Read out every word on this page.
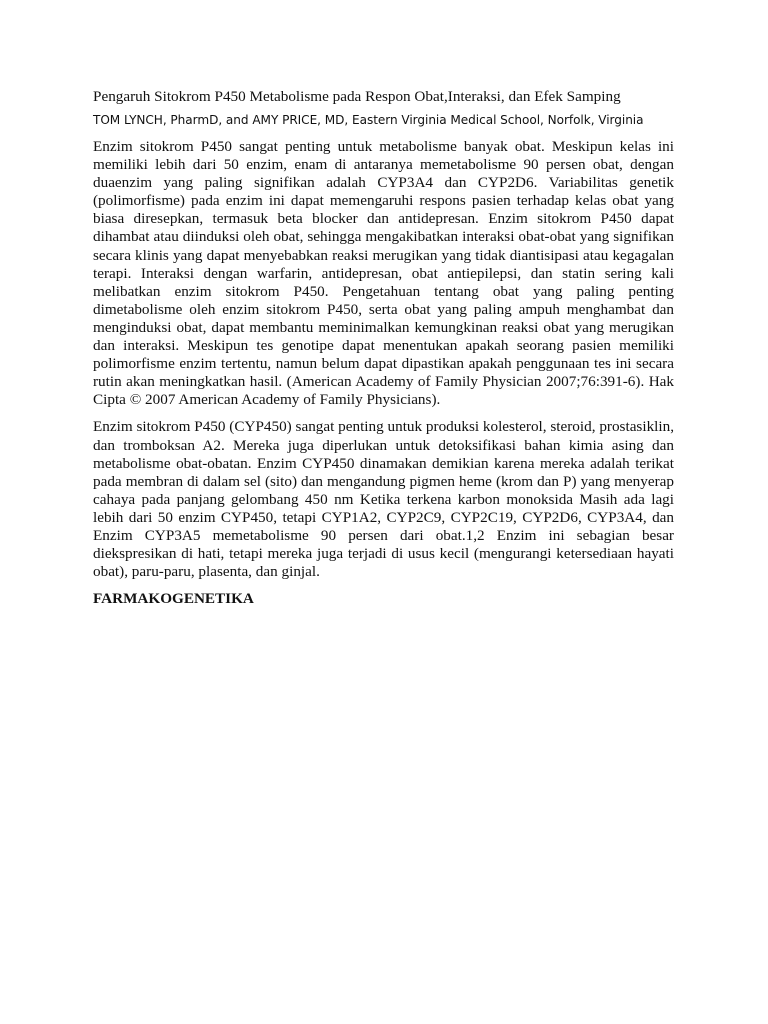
Pengaruh Sitokrom P450 Metabolisme pada Respon Obat,Interaksi, dan Efek Samping
TOM LYNCH, PharmD, and AMY PRICE, MD, Eastern Virginia Medical School, Norfolk, Virginia

Enzim sitokrom P450 sangat penting untuk metabolisme banyak obat. Meskipun kelas ini memiliki lebih dari 50 enzim, enam di antaranya memetabolisme 90 persen obat, dengan duaenzim yang paling signifikan adalah CYP3A4 dan CYP2D6. Variabilitas genetik (polimorfisme) pada enzim ini dapat memengaruhi respons pasien terhadap kelas obat yang biasa diresepkan, termasuk beta blocker dan antidepresan. Enzim sitokrom P450 dapat dihambat atau diinduksi oleh obat, sehingga mengakibatkan interaksi obat-obat yang signifikan secara klinis yang dapat menyebabkan reaksi merugikan yang tidak diantisipasi atau kegagalan terapi. Interaksi dengan warfarin, antidepresan, obat antiepilepsi, dan statin sering kali melibatkan enzim sitokrom P450. Pengetahuan tentang obat yang paling penting dimetabolisme oleh enzim sitokrom P450, serta obat yang paling ampuh menghambat dan menginduksi obat, dapat membantu meminimalkan kemungkinan reaksi obat yang merugikan dan interaksi. Meskipun tes genotipe dapat menentukan apakah seorang pasien memiliki polimorfisme enzim tertentu, namun belum dapat dipastikan apakah penggunaan tes ini secara rutin akan meningkatkan hasil. (American Academy of Family Physician 2007;76:391-6). Hak Cipta © 2007 American Academy of Family Physicians).

Enzim sitokrom P450 (CYP450) sangat penting untuk produksi kolesterol, steroid, prostasiklin, dan tromboksan A2. Mereka juga diperlukan untuk detoksifikasi bahan kimia asing dan metabolisme obat-obatan. Enzim CYP450 dinamakan demikian karena mereka adalah terikat pada membran di dalam sel (sito) dan mengandung pigmen heme (krom dan P) yang menyerap cahaya pada panjang gelombang 450 nm Ketika terkena karbon monoksida Masih ada lagi lebih dari 50 enzim CYP450, tetapi CYP1A2, CYP2C9, CYP2C19, CYP2D6, CYP3A4, dan Enzim CYP3A5 memetabolisme 90 persen dari obat.1,2 Enzim ini sebagian besar diekspresikan di hati, tetapi mereka juga terjadi di usus kecil (mengurangi ketersediaan hayati obat), paru-paru, plasenta, dan ginjal.

FARMAKOGENETIKA
